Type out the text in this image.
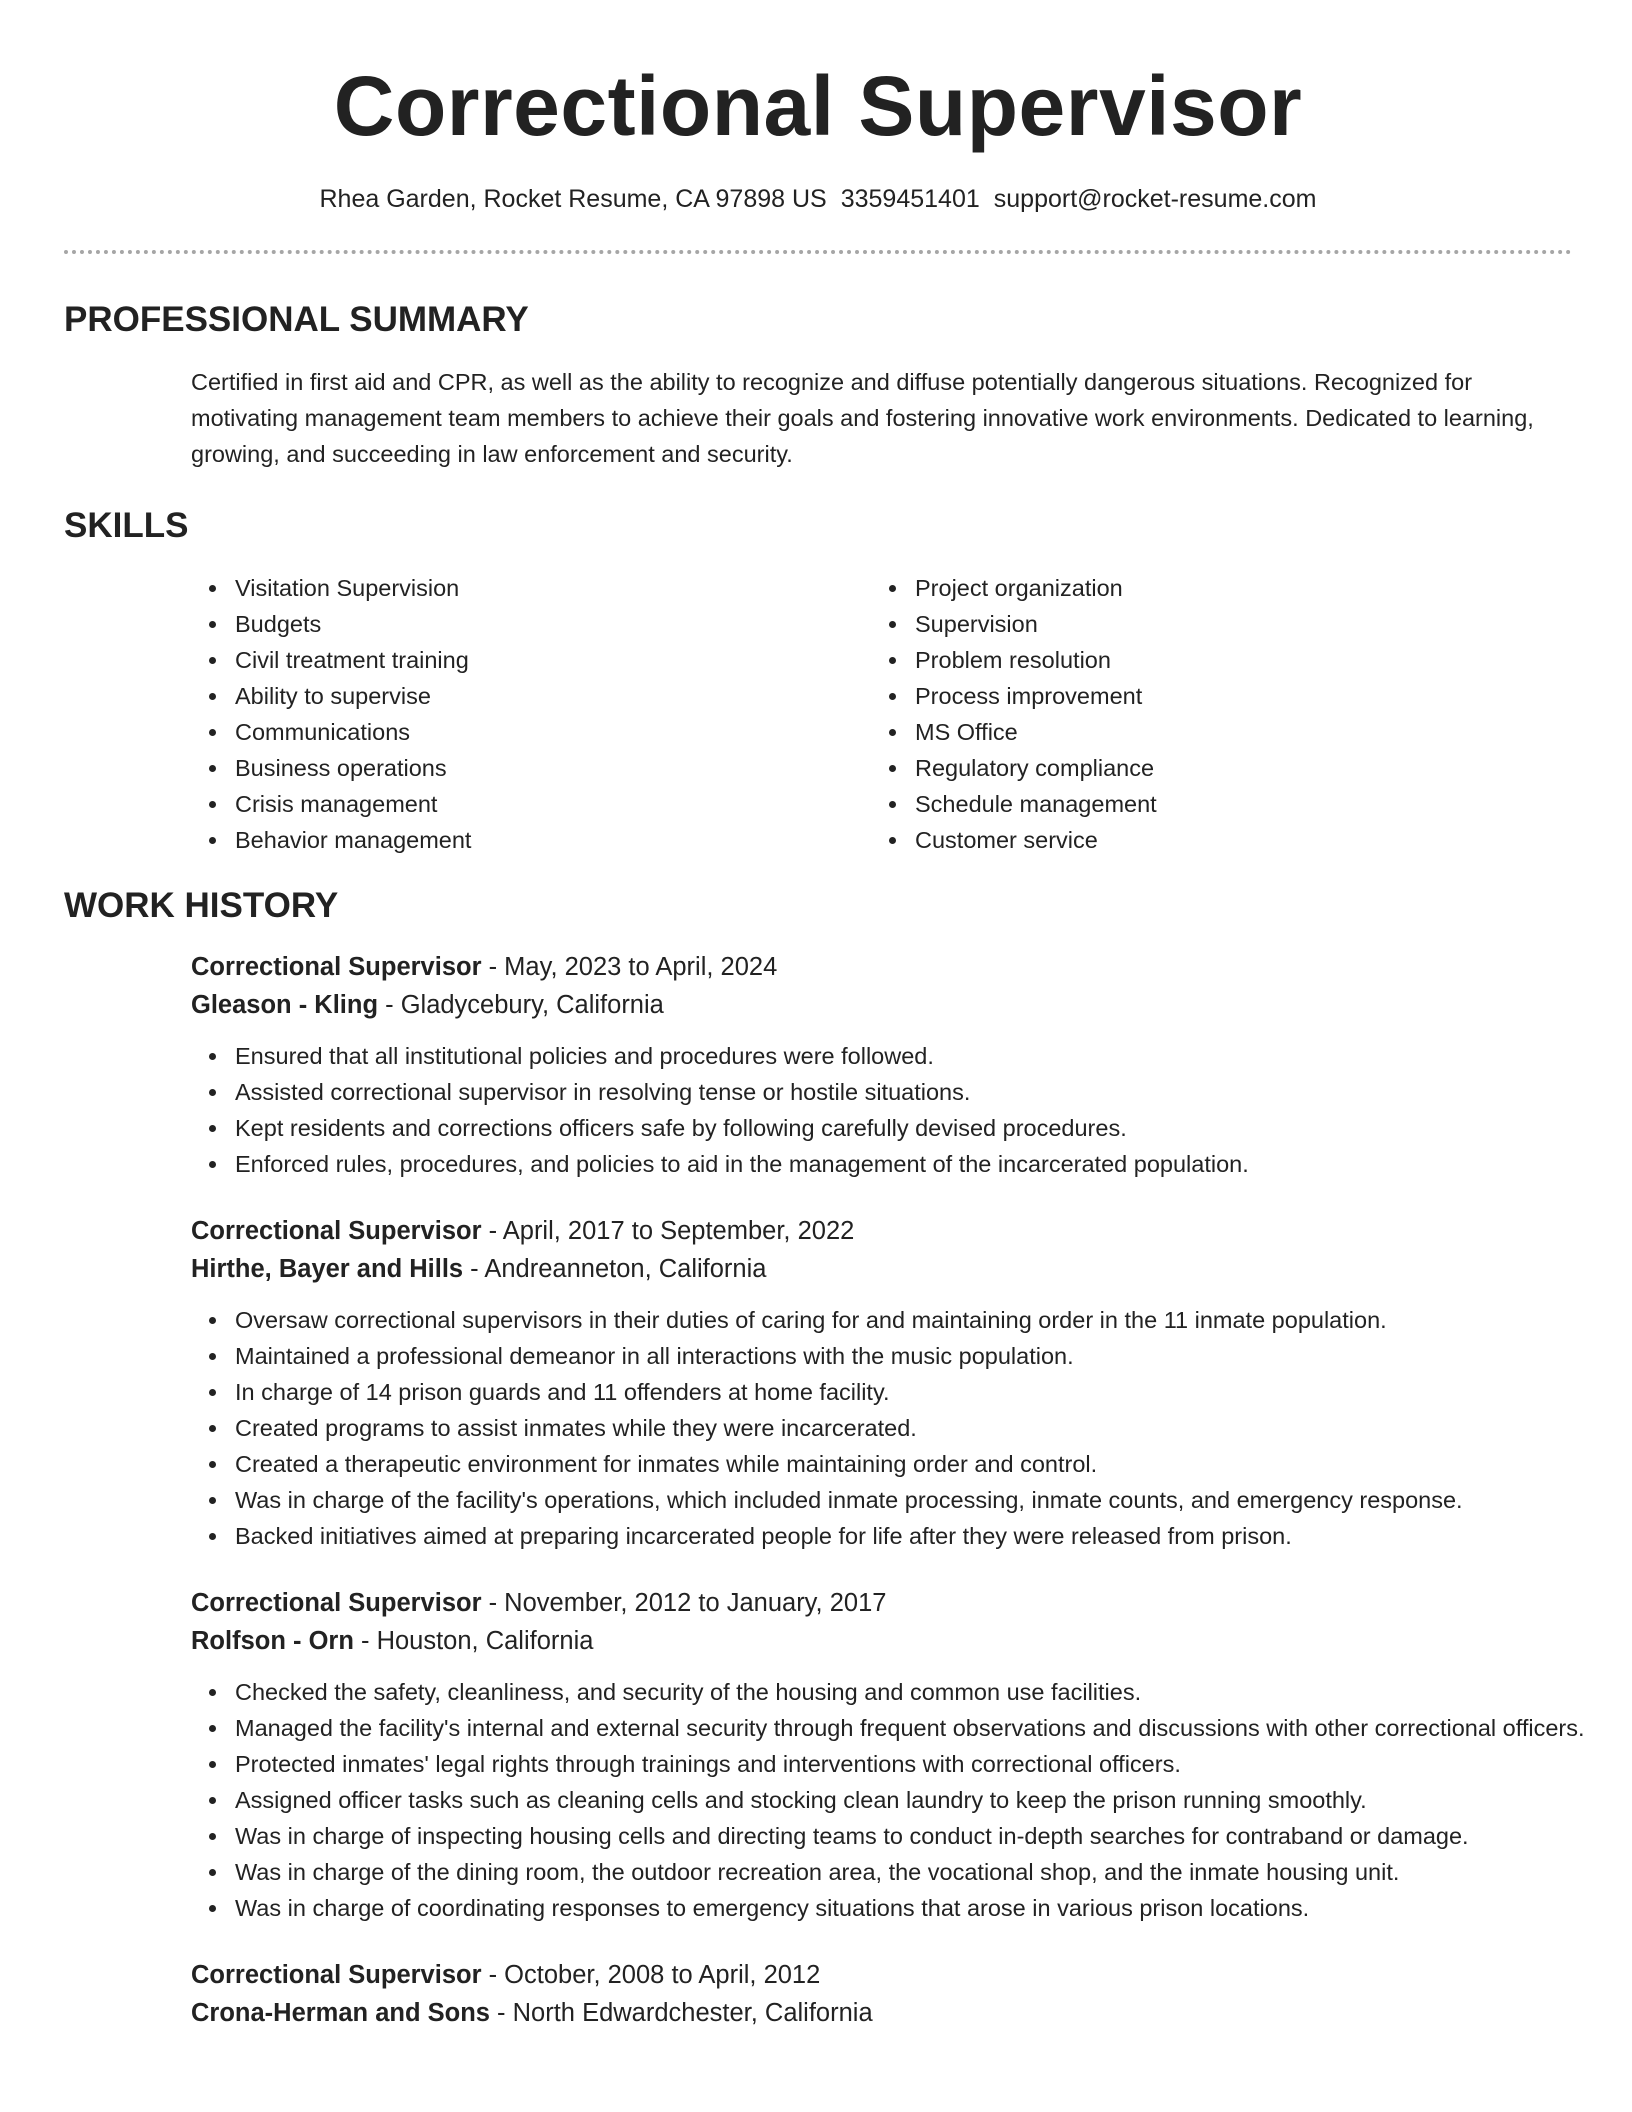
Correctional Supervisor
Rhea Garden, Rocket Resume, CA 97898 US 3359451401 support@rocket-resume.com
PROFESSIONAL SUMMARY

Certified in first aid and CPR, as well as the ability to recognize and diffuse potentially dangerous situations. Recognized for motivating management team members to achieve their goals and fostering innovative work environments. Dedicated to learning, growing, and succeeding in law enforcement and security.

SKILLS
Visitation Supervision
Budgets
Civil treatment training
Ability to supervise
Communications
Business operations
Crisis management
Behavior management
Project organization
Supervision
Problem resolution
Process improvement
MS Office
Regulatory compliance
Schedule management
Customer service
WORK HISTORY
Correctional Supervisor - May, 2023 to April, 2024
Gleason - Kling - Gladycebury, California
Ensured that all institutional policies and procedures were followed.
Assisted correctional supervisor in resolving tense or hostile situations.
Kept residents and corrections officers safe by following carefully devised procedures.
Enforced rules, procedures, and policies to aid in the management of the incarcerated population.
Correctional Supervisor - April, 2017 to September, 2022
Hirthe, Bayer and Hills - Andreanneton, California
Oversaw correctional supervisors in their duties of caring for and maintaining order in the 11 inmate population.
Maintained a professional demeanor in all interactions with the music population.
In charge of 14 prison guards and 11 offenders at home facility.
Created programs to assist inmates while they were incarcerated.
Created a therapeutic environment for inmates while maintaining order and control.
Was in charge of the facility's operations, which included inmate processing, inmate counts, and emergency response.
Backed initiatives aimed at preparing incarcerated people for life after they were released from prison.
Correctional Supervisor - November, 2012 to January, 2017
Rolfson - Orn - Houston, California
Checked the safety, cleanliness, and security of the housing and common use facilities.
Managed the facility's internal and external security through frequent observations and discussions with other correctional officers.
Protected inmates' legal rights through trainings and interventions with correctional officers.
Assigned officer tasks such as cleaning cells and stocking clean laundry to keep the prison running smoothly.
Was in charge of inspecting housing cells and directing teams to conduct in-depth searches for contraband or damage.
Was in charge of the dining room, the outdoor recreation area, the vocational shop, and the inmate housing unit.
Was in charge of coordinating responses to emergency situations that arose in various prison locations.
Correctional Supervisor - October, 2008 to April, 2012
Crona-Herman and Sons - North Edwardchester, California
